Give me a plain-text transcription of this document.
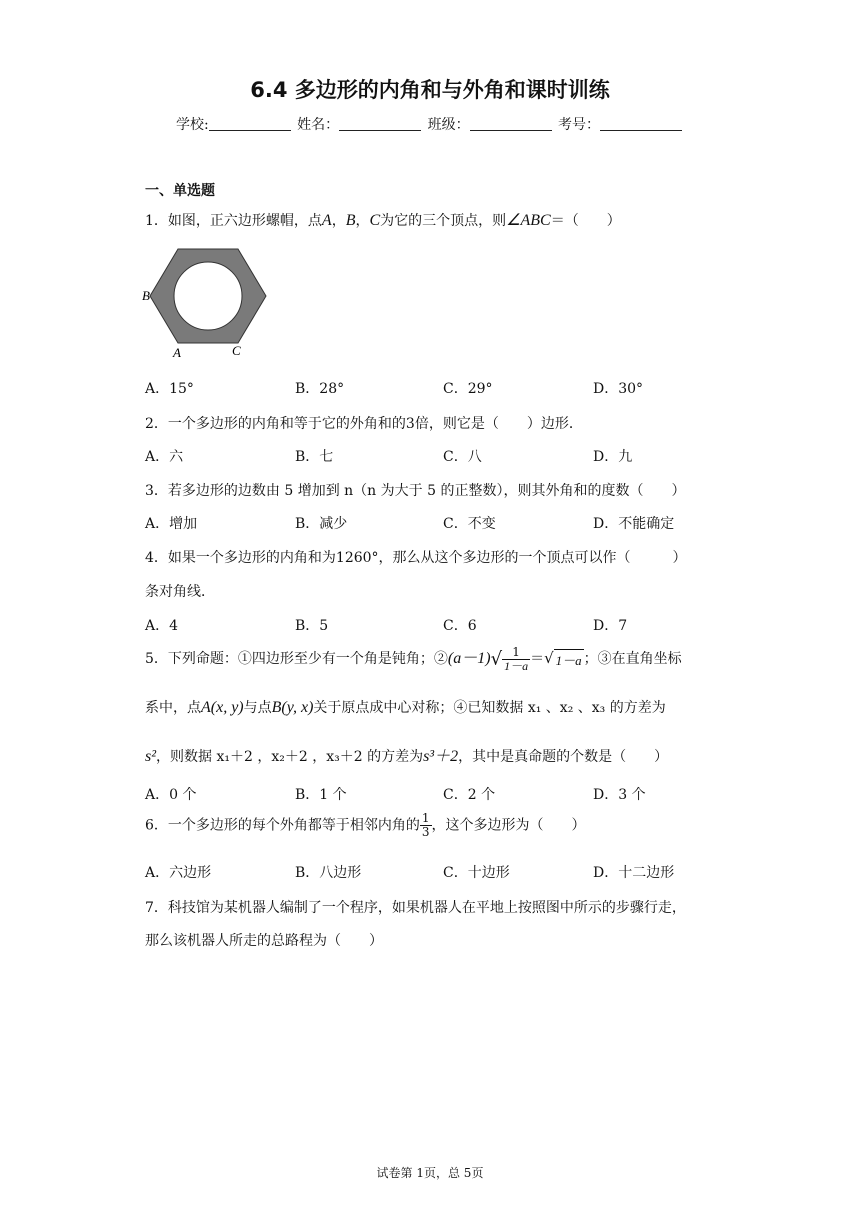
6.4 多边形的内角和与外角和课时训练
学校:	姓名：	班级：	考号：
一、单选题
1．如图，正六边形螺帽，点A，B，C为它的三个顶点，则∠ABC＝（　　）
B
A	C
A．15°	B．28°	C．29°	D．30°
2．一个多边形的内角和等于它的外角和的3倍，则它是（　　）边形．
A．六	B．七	C．八	D．九
3．若多边形的边数由 5 增加到 n（n 为大于 5 的正整数），则其外角和的度数（　　）
A．增加	B．减少	C．不变	D．不能确定
4．如果一个多边形的内角和为1260°，那么从这个多边形的一个顶点可以作（　　　）
条对角线．
A．4	B．5	C．6	D．7
5．下列命题：①四边形至少有一个角是钝角；②(a－1)√ $\frac{1}{1-a}$ ＝√ 1－a ；③在直角坐标
系中，点A(x, y)与点B(y, x)关于原点成中心对称；④已知数据 x₁ 、x₂ 、x₃ 的方差为
s²，则数据 x₁＋2 ，x₂＋2 ，x₃＋2 的方差为s³＋2，其中是真命题的个数是（　　）
A．0 个	B．1 个	C．2 个	D．3 个
6．一个多边形的每个外角都等于相邻内角的 $\frac{1}{3}$ ，这个多边形为（　　）
A．六边形	B．八边形	C．十边形	D．十二边形
7．科技馆为某机器人编制了一个程序，如果机器人在平地上按照图中所示的步骤行走，
那么该机器人所走的总路程为（　　）
试卷第 1页，总 5页
